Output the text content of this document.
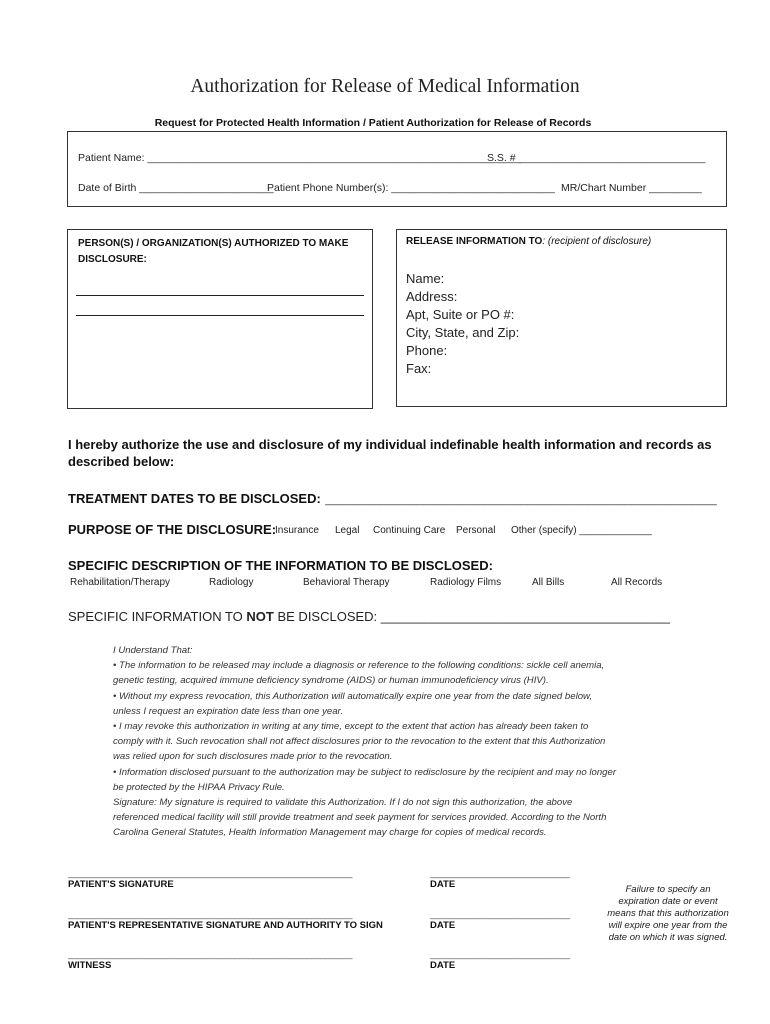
Authorization for Release of Medical Information
Request for Protected Health Information / Patient Authorization for Release of Records
Patient Name: ________________________________________________________________
S.S. # ________________________________
Date of Birth _______________________
Patient Phone Number(s): ____________________________ MR/Chart Number _________
PERSON(S) / ORGANIZATION(S) AUTHORIZED TO MAKE
DISCLOSURE:
RELEASE INFORMATION TO: (recipient of disclosure)
Name:
Address:
Apt, Suite or PO #:
City, State, and Zip:
Phone:
Fax:
I hereby authorize the use and disclosure of my individual indefinable health information and records as described below:
TREATMENT DATES TO BE DISCLOSED: ________________________________________________________________
PURPOSE OF THE DISCLOSURE:
Insurance Legal Continuing Care Personal Other (specify) _____________
SPECIFIC DESCRIPTION OF THE INFORMATION TO BE DISCLOSED:
Rehabilitation/Therapy	Radiology	Behavioral Therapy	Radiology Films	All Bills	All Records
SPECIFIC INFORMATION TO NOT BE DISCLOSED: ________________________________________
I Understand That:
• The information to be released may include a diagnosis or reference to the following conditions: sickle cell anemia,
genetic testing, acquired immune deficiency syndrome (AIDS) or human immunodeficiency virus (HIV).
• Without my express revocation, this Authorization will automatically expire one year from the date signed below,
unless I request an expiration date less than one year.
• I may revoke this authorization in writing at any time, except to the extent that action has already been taken to
comply with it. Such revocation shall not affect disclosures prior to the revocation to the extent that this Authorization
was relied upon for such disclosures made prior to the revocation.
• Information disclosed pursuant to the authorization may be subject to redisclosure by the recipient and may no longer
be protected by the HIPAA Privacy Rule.
Signature: My signature is required to validate this Authorization. If I do not sign this authorization, the above
referenced medical facility will still provide treatment and seek payment for services provided. According to the North
Carolina General Statutes, Health Information Management may charge for copies of medical records.
_______________________________________________________________	_______________________________
PATIENT'S SIGNATURE	DATE
_______________________________________________________________	_______________________________
PATIENT'S REPRESENTATIVE SIGNATURE AND AUTHORITY TO SIGN	DATE
_______________________________________________________________	_______________________________
WITNESS	DATE
Failure to specify an expiration date or event means that this authorization will expire one year from the date on which it was signed.
